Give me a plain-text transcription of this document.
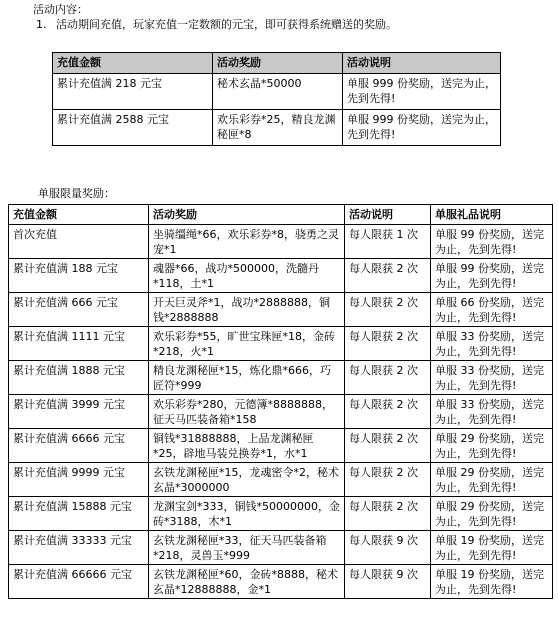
活动内容：
1. 活动期间充值，玩家充值一定数额的元宝，即可获得系统赠送的奖励。
充值金额	活动奖励	活动说明
累计充值满 218 元宝	秘术玄晶*50000	单服 999 份奖励，送完为止，先到先得!
累计充值满 2588 元宝	欢乐彩券*25，精良龙渊秘匣*8	单服 999 份奖励，送完为止，先到先得!
单服限量奖励：
充值金额	活动奖励	活动说明	单服礼品说明
首次充值	坐骑缰绳*66，欢乐彩券*8，骁勇之灵宠*1	每人限获 1 次	单服 99 份奖励，送完为止，先到先得!
累计充值满 188 元宝	魂器*66，战功*500000，洗髓丹*118，土*1	每人限获 2 次	单服 99 份奖励，送完为止，先到先得!
累计充值满 666 元宝	开天巨灵斧*1，战功*2888888，铜钱*2888888	每人限获 2 次	单服 66 份奖励，送完为止，先到先得!
累计充值满 1111 元宝	欢乐彩券*55，旷世宝珠匣*18，金砖*218，火*1	每人限获 2 次	单服 33 份奖励，送完为止，先到先得!
累计充值满 1888 元宝	精良龙渊秘匣*15，炼化鼎*666，巧匠符*999	每人限获 2 次	单服 33 份奖励，送完为止，先到先得!
累计充值满 3999 元宝	欢乐彩券*280，元德簿*8888888，征天马匹装备箱*158	每人限获 2 次	单服 33 份奖励，送完为止，先到先得!
累计充值满 6666 元宝	铜钱*31888888，上品龙渊秘匣*25，辟地马装兑换券*1，水*1	每人限获 2 次	单服 29 份奖励，送完为止，先到先得!
累计充值满 9999 元宝	玄铁龙渊秘匣*15，龙魂密令*2，秘术玄晶*3000000	每人限获 2 次	单服 29 份奖励，送完为止，先到先得!
累计充值满 15888 元宝	龙渊宝剑*333，铜钱*50000000，金砖*3188，木*1	每人限获 2 次	单服 29 份奖励，送完为止，先到先得!
累计充值满 33333 元宝	玄铁龙渊秘匣*33，征天马匹装备箱*218，灵兽玉*999	每人限获 9 次	单服 19 份奖励，送完为止，先到先得!
累计充值满 66666 元宝	玄铁龙渊秘匣*60，金砖*8888，秘术玄晶*12888888，金*1	每人限获 9 次	单服 19 份奖励，送完为止，先到先得!
